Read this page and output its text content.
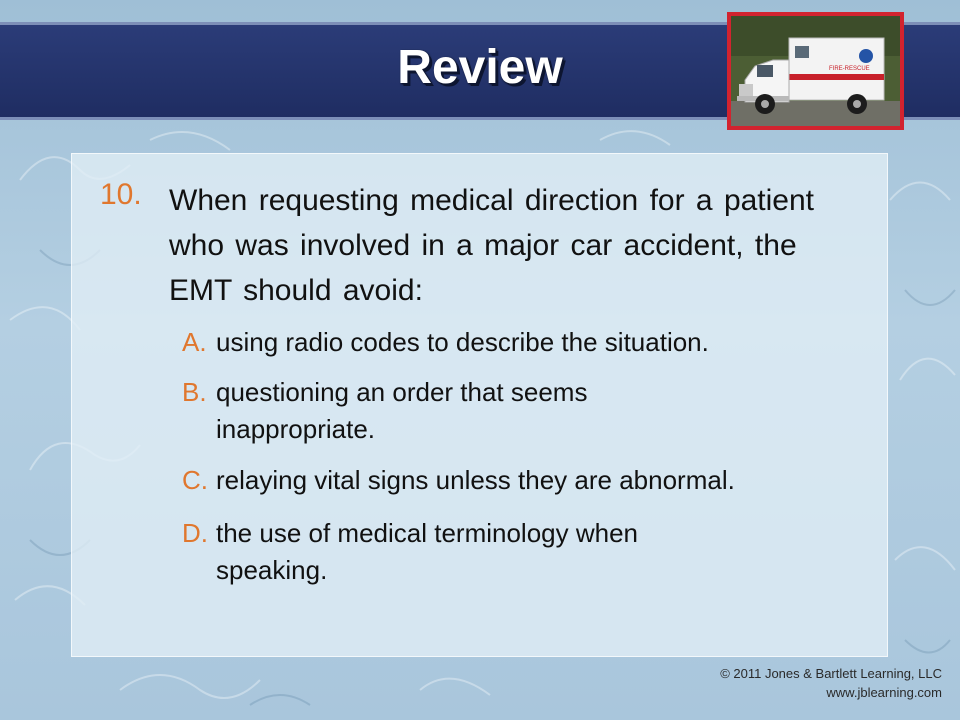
Review	FIRE-RESCUE
10. When requesting medical direction for a patient who was involved in a major car accident, the EMT should avoid:
A. using radio codes to describe the situation.
B. questioning an order that seems inappropriate.
C. relaying vital signs unless they are abnormal.
D. the use of medical terminology when speaking.
© 2011 Jones & Bartlett Learning, LLC
www.jblearning.com
